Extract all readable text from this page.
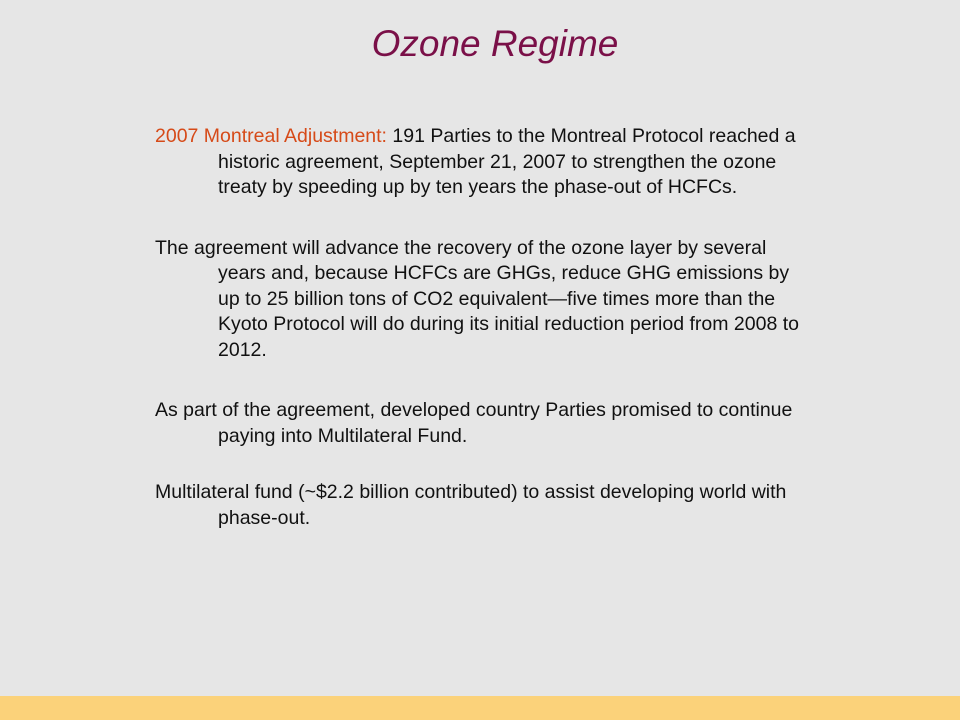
Ozone Regime

2007 Montreal Adjustment: 191 Parties to the Montreal Protocol reached a historic agreement, September 21, 2007 to strengthen the ozone treaty by speeding up by ten years the phase-out of HCFCs.

The agreement will advance the recovery of the ozone layer by several years and, because HCFCs are GHGs, reduce GHG emissions by up to 25 billion tons of CO2 equivalent—five times more than the Kyoto Protocol will do during its initial reduction period from 2008 to 2012.

As part of the agreement, developed country Parties promised to continue paying into Multilateral Fund.

Multilateral fund (~$2.2 billion contributed) to assist developing world with phase-out.
